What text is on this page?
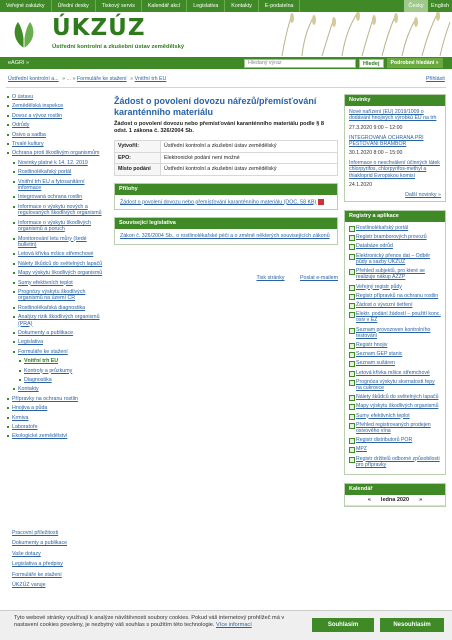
Veřejné zakázky	Úřední desky	Tiskový servis	Kalendář akcí	Legislativa	Kontakty	E-podatelna	Česky	English
ÚKZÚZ
Ústřední kontrolní a zkušební ústav zemědělský
eAGRI »	Hledaný výraz	Hledej	Podrobné hledání »
Ústřední kontrolní a... » ... » Formuláře ke stažení » Vnitřní trh EU	Přihlásit
O ústavu
Zemědělská inspekce
Dovoz a vývoz rostlin
Odrůdy
Osivo a sadba
Trvalé kultury
Ochrana proti škodlivým organismům
Novinky platné k 14. 12. 2019
Rostlinolékařský portál
Vnitřní trh EU a fytosanitární informace
Integrovaná ochrana rostlin
Informace o výskytu nových a regulovaných škodlivých organismů
Informace o výskytu škodlivých organismů a poruch
Monitorování letu můry (šedé bulletin)
Letová křivka mšice střemchové
Nálety škůdců do světelných lapačů
Mapy výskytu škodlivých organismů
Sumy efektivních teplot
Prognózy výskytu škodlivých organismů na území ČR
Rostlinolékařská diagnostika
Analýzy rizik škodlivých organismů (PRA)
Dokumenty a publikace
Legislativa
Formuláře ke stažení
Vnitřní trh EU
Kontroly a průzkumy
Diagnostika
Kontakty
Přípravky na ochranu rostlin
Hnojiva a půda
Krmiva
Laboratoře
Ekologické zemědělství
Pracovní příležitosti
Dokumenty a publikace
Vaše dotazy
Legislativa a předpisy
Formuláře ke stažení
ÚKZÚZ varuje
Žádost o povolení dovozu nářezů/přemísťování karanténního materiálu
Žádost o povolení dovozu nebo přemísťování karanténního materiálu podle § 8 odst. 1 zákona č. 326/2004 Sb.
Vytvořil:	Ústřední kontrolní a zkušební ústav zemědělský
EPO:	Elektronické podání není možné
Místo podání	Ústřední kontrolní a zkušební ústav zemědělský
Přílohy
Žádost o povolení dovozu nebo přemísťování karanténního materiálu (DOC, 58 KB)
Související legislativa
Zákon č. 326/2004 Sb., o rostlinolékařské péči a o změně některých souvisejících zákonů
Tisk stránky	Poslat e-mailem
Novinky
Nové nařízení (EU) 2019/1009 o dodávání hnojivých výrobků EU na trh
27.3.2020 9:00 – 12:00
INTEGROVANÁ OCHRANA PŘI PĚSTOVÁNÍ BRAMBOR
30.1.2020 8:00 – 15:00
Informace o neschválení účinných látek chlorpyrifos, chlorpyrifos-methyl a thiakloprid Evropskou komisí
24.1.2020
Další novinky »
Registry a aplikace
Rostlinolékařský portál
Registr bramborových provozů
Databáze odrůd
Elektronický přenos dat – Odběr půdy a sazby ÚKZÚZ
Přehled subjektů, pro které se realizuje nákup AZZP
Veřejný registr půdy
Registr přípravků na ochranu rostlin
Žádost o vývozní šetření
Elektr. podání žádostí – použití konc. osiv v EZ
Seznam provozoven kontrolního testování
Registr hnojiv
Seznam GEP stanic
Seznam sušáren
Letová křivka mšice střemchové
Prognóza výskytu skvrnatosti řepy na cukrovce
Nálety škůdců do světelných lapačů
Mapy výskytu škodlivých organismů
Sumy efektivních teplot
Přehled registrovaných prodejen osivového vína
Registr distributorů POR
MPZ
Registr držitelů odborné způsobilosti pro přípravky
Kalendář
« ledna 2020 »
Tyto webové stránky využívají k analýze návštěvnosti soubory cookies. Pokud váš internetový prohlížeč má v nastavení cookies povoleny, je nezbytný váš souhlas s použitím této technologie. Více informací	Souhlasím	Nesouhlasím
